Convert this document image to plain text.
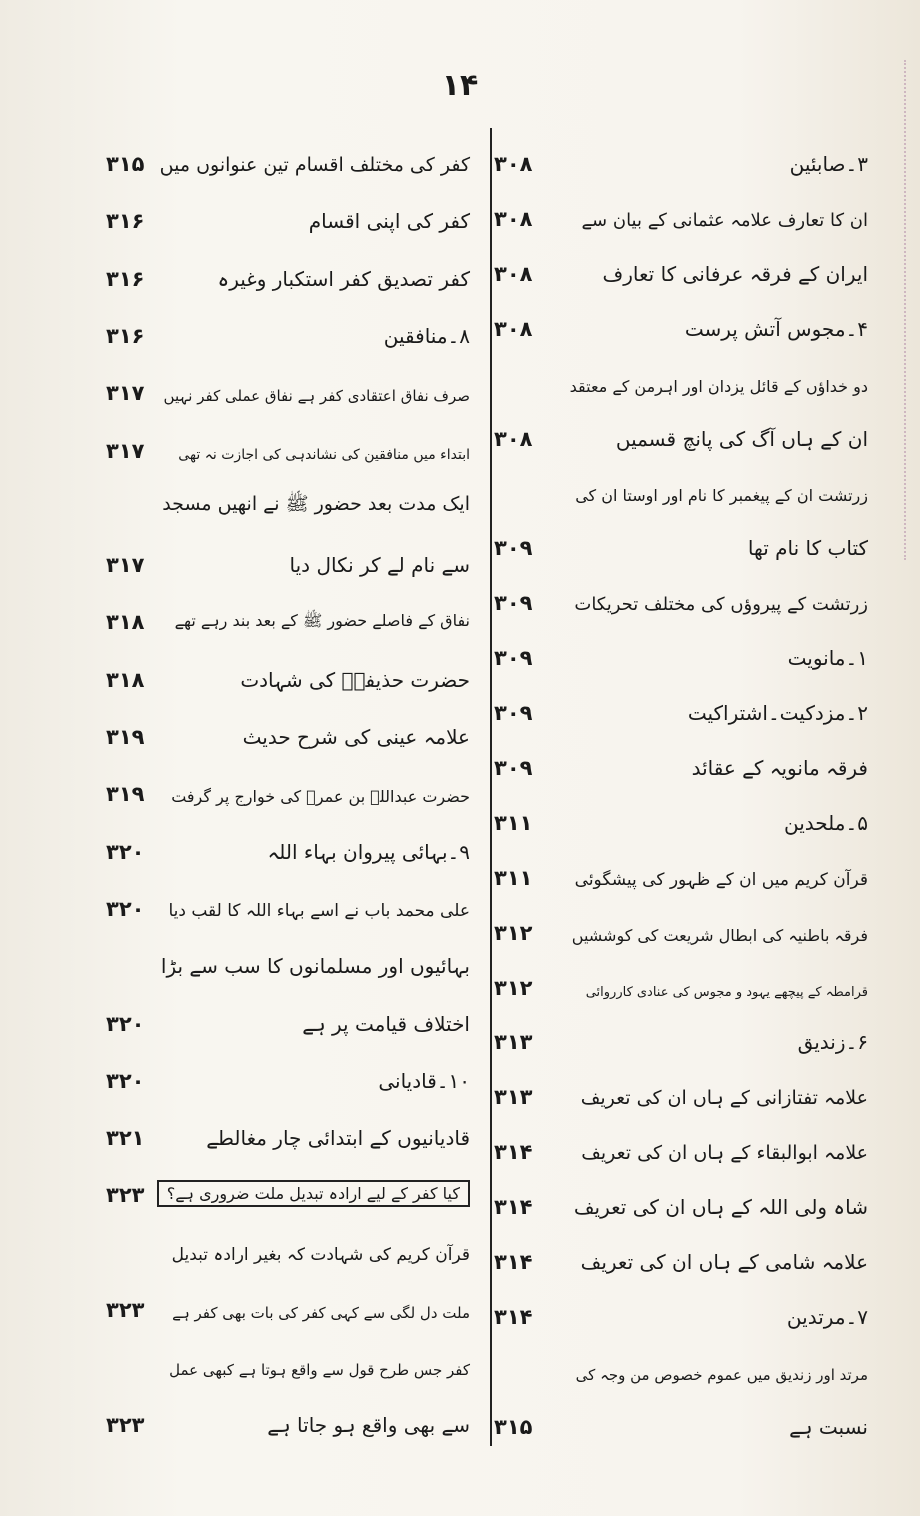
۱۴
۳۔صابئین
۳۰۸
ان کا تعارف علامہ عثمانی کے بیان سے
۳۰۸
ایران کے فرقہ عرفانی کا تعارف
۳۰۸
۴۔مجوس آتش پرست
۳۰۸
دو خداؤں کے قائل یزدان اور اہرمن کے معتقد
ان کے ہاں آگ کی پانچ قسمیں
۳۰۸
زرتشت ان کے پیغمبر کا نام اور اوستا ان کی
کتاب کا نام تھا
۳۰۹
زرتشت کے پیروؤں کی مختلف تحریکات
۳۰۹
۱۔مانویت
۳۰۹
۲۔مزدکیت۔اشتراکیت
۳۰۹
فرقہ مانویہ کے عقائد
۳۰۹
۵۔ملحدین
۳۱۱
قرآن کریم میں ان کے ظہور کی پیشگوئی
۳۱۱
فرقہ باطنیہ کی ابطال شریعت کی کوششیں
۳۱۲
قرامطہ کے پیچھے یہود و مجوس کی عنادی کارروائی
۳۱۲
۶۔زندیق
۳۱۳
علامہ تفتازانی کے ہاں ان کی تعریف
۳۱۳
علامہ ابوالبقاء کے ہاں ان کی تعریف
۳۱۴
شاہ ولی اللہ کے ہاں ان کی تعریف
۳۱۴
علامہ شامی کے ہاں ان کی تعریف
۳۱۴
۷۔مرتدین
۳۱۴
مرتد اور زندیق میں عموم خصوص من وجہ کی
نسبت ہے
۳۱۵
کفر کی مختلف اقسام تین عنوانوں میں
۳۱۵
کفر کی اپنی اقسام
۳۱۶
کفر تصدیق کفر استکبار وغیرہ
۳۱۶
۸۔منافقین
۳۱۶
صرف نفاق اعتقادی کفر ہے نفاق عملی کفر نہیں
۳۱۷
ابتداء میں منافقین کی نشاندہی کی اجازت نہ تھی
۳۱۷
ایک مدت بعد حضور ﷺ نے انھیں مسجد
سے نام لے کر نکال دیا
۳۱۷
نفاق کے فاصلے حضور ﷺ کے بعد بند رہے تھے
۳۱۸
حضرت حذیفہؓ کی شہادت
۳۱۸
علامہ عینی کی شرح حدیث
۳۱۹
حضرت عبداللہ بن عمرؓ کی خوارج پر گرفت
۳۱۹
۹۔بہائی پیروان بہاء اللہ
۳۲۰
علی محمد باب نے اسے بہاء اللہ کا لقب دیا
۳۲۰
بہائیوں اور مسلمانوں کا سب سے بڑا
اختلاف قیامت پر ہے
۳۲۰
۱۰۔قادیانی
۳۲۰
قادیانیوں کے ابتدائی چار مغالطے
۳۲۱
کیا کفر کے لیے ارادہ تبدیل ملت ضروری ہے؟
۳۲۳
قرآن کریم کی شہادت کہ بغیر ارادہ تبدیل
ملت دل لگی سے کہی کفر کی بات بھی کفر ہے
۳۲۳
کفر جس طرح قول سے واقع ہوتا ہے کبھی عمل
سے بھی واقع ہو جاتا ہے
۳۲۳
